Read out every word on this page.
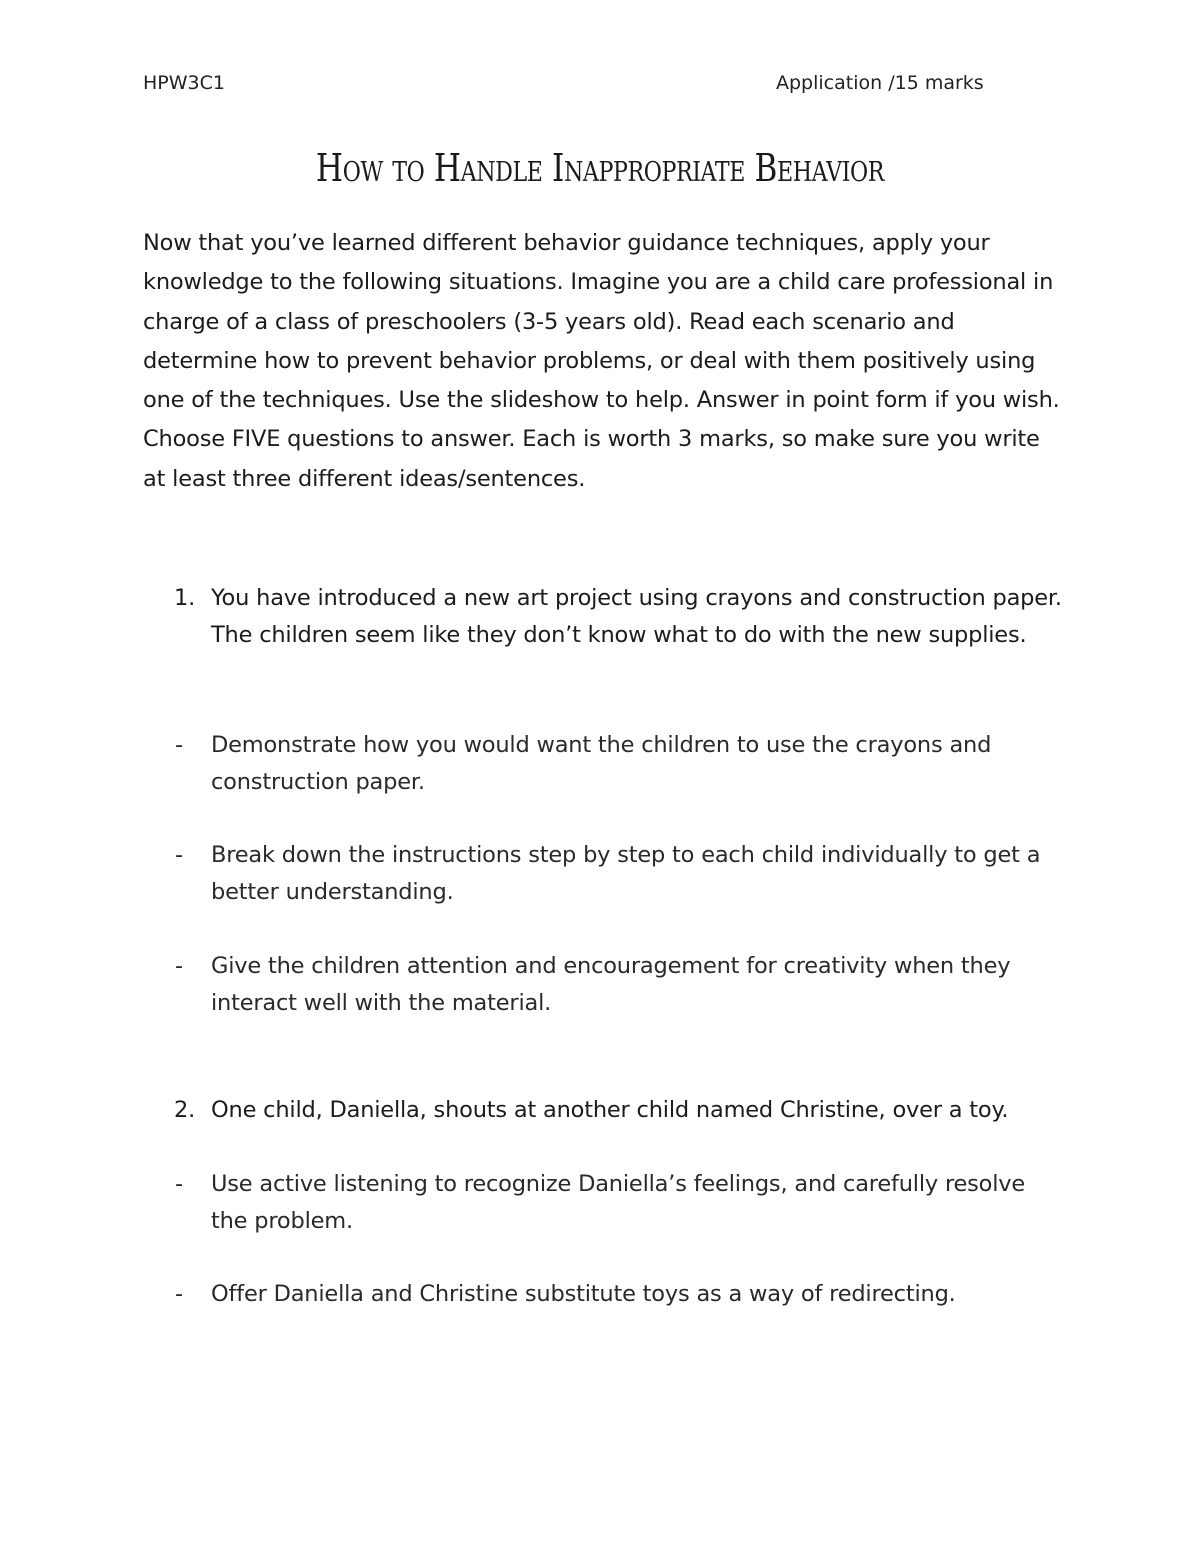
HPW3C1	Application /15 marks
How to Handle Inappropriate Behavior

Now that you’ve learned different behavior guidance techniques, apply your knowledge to the following situations. Imagine you are a child care professional in charge of a class of preschoolers (3-5 years old). Read each scenario and determine how to prevent behavior problems, or deal with them positively using one of the techniques. Use the slideshow to help. Answer in point form if you wish. Choose FIVE questions to answer. Each is worth 3 marks, so make sure you write at least three different ideas/sentences.

1. You have introduced a new art project using crayons and construction paper. The children seem like they don’t know what to do with the new supplies.
-	Demonstrate how you would want the children to use the crayons and construction paper.
-	Break down the instructions step by step to each child individually to get a better understanding.
-	Give the children attention and encouragement for creativity when they interact well with the material.
2. One child, Daniella, shouts at another child named Christine, over a toy.
-	Use active listening to recognize Daniella’s feelings, and carefully resolve the problem.
-	Offer Daniella and Christine substitute toys as a way of redirecting.
